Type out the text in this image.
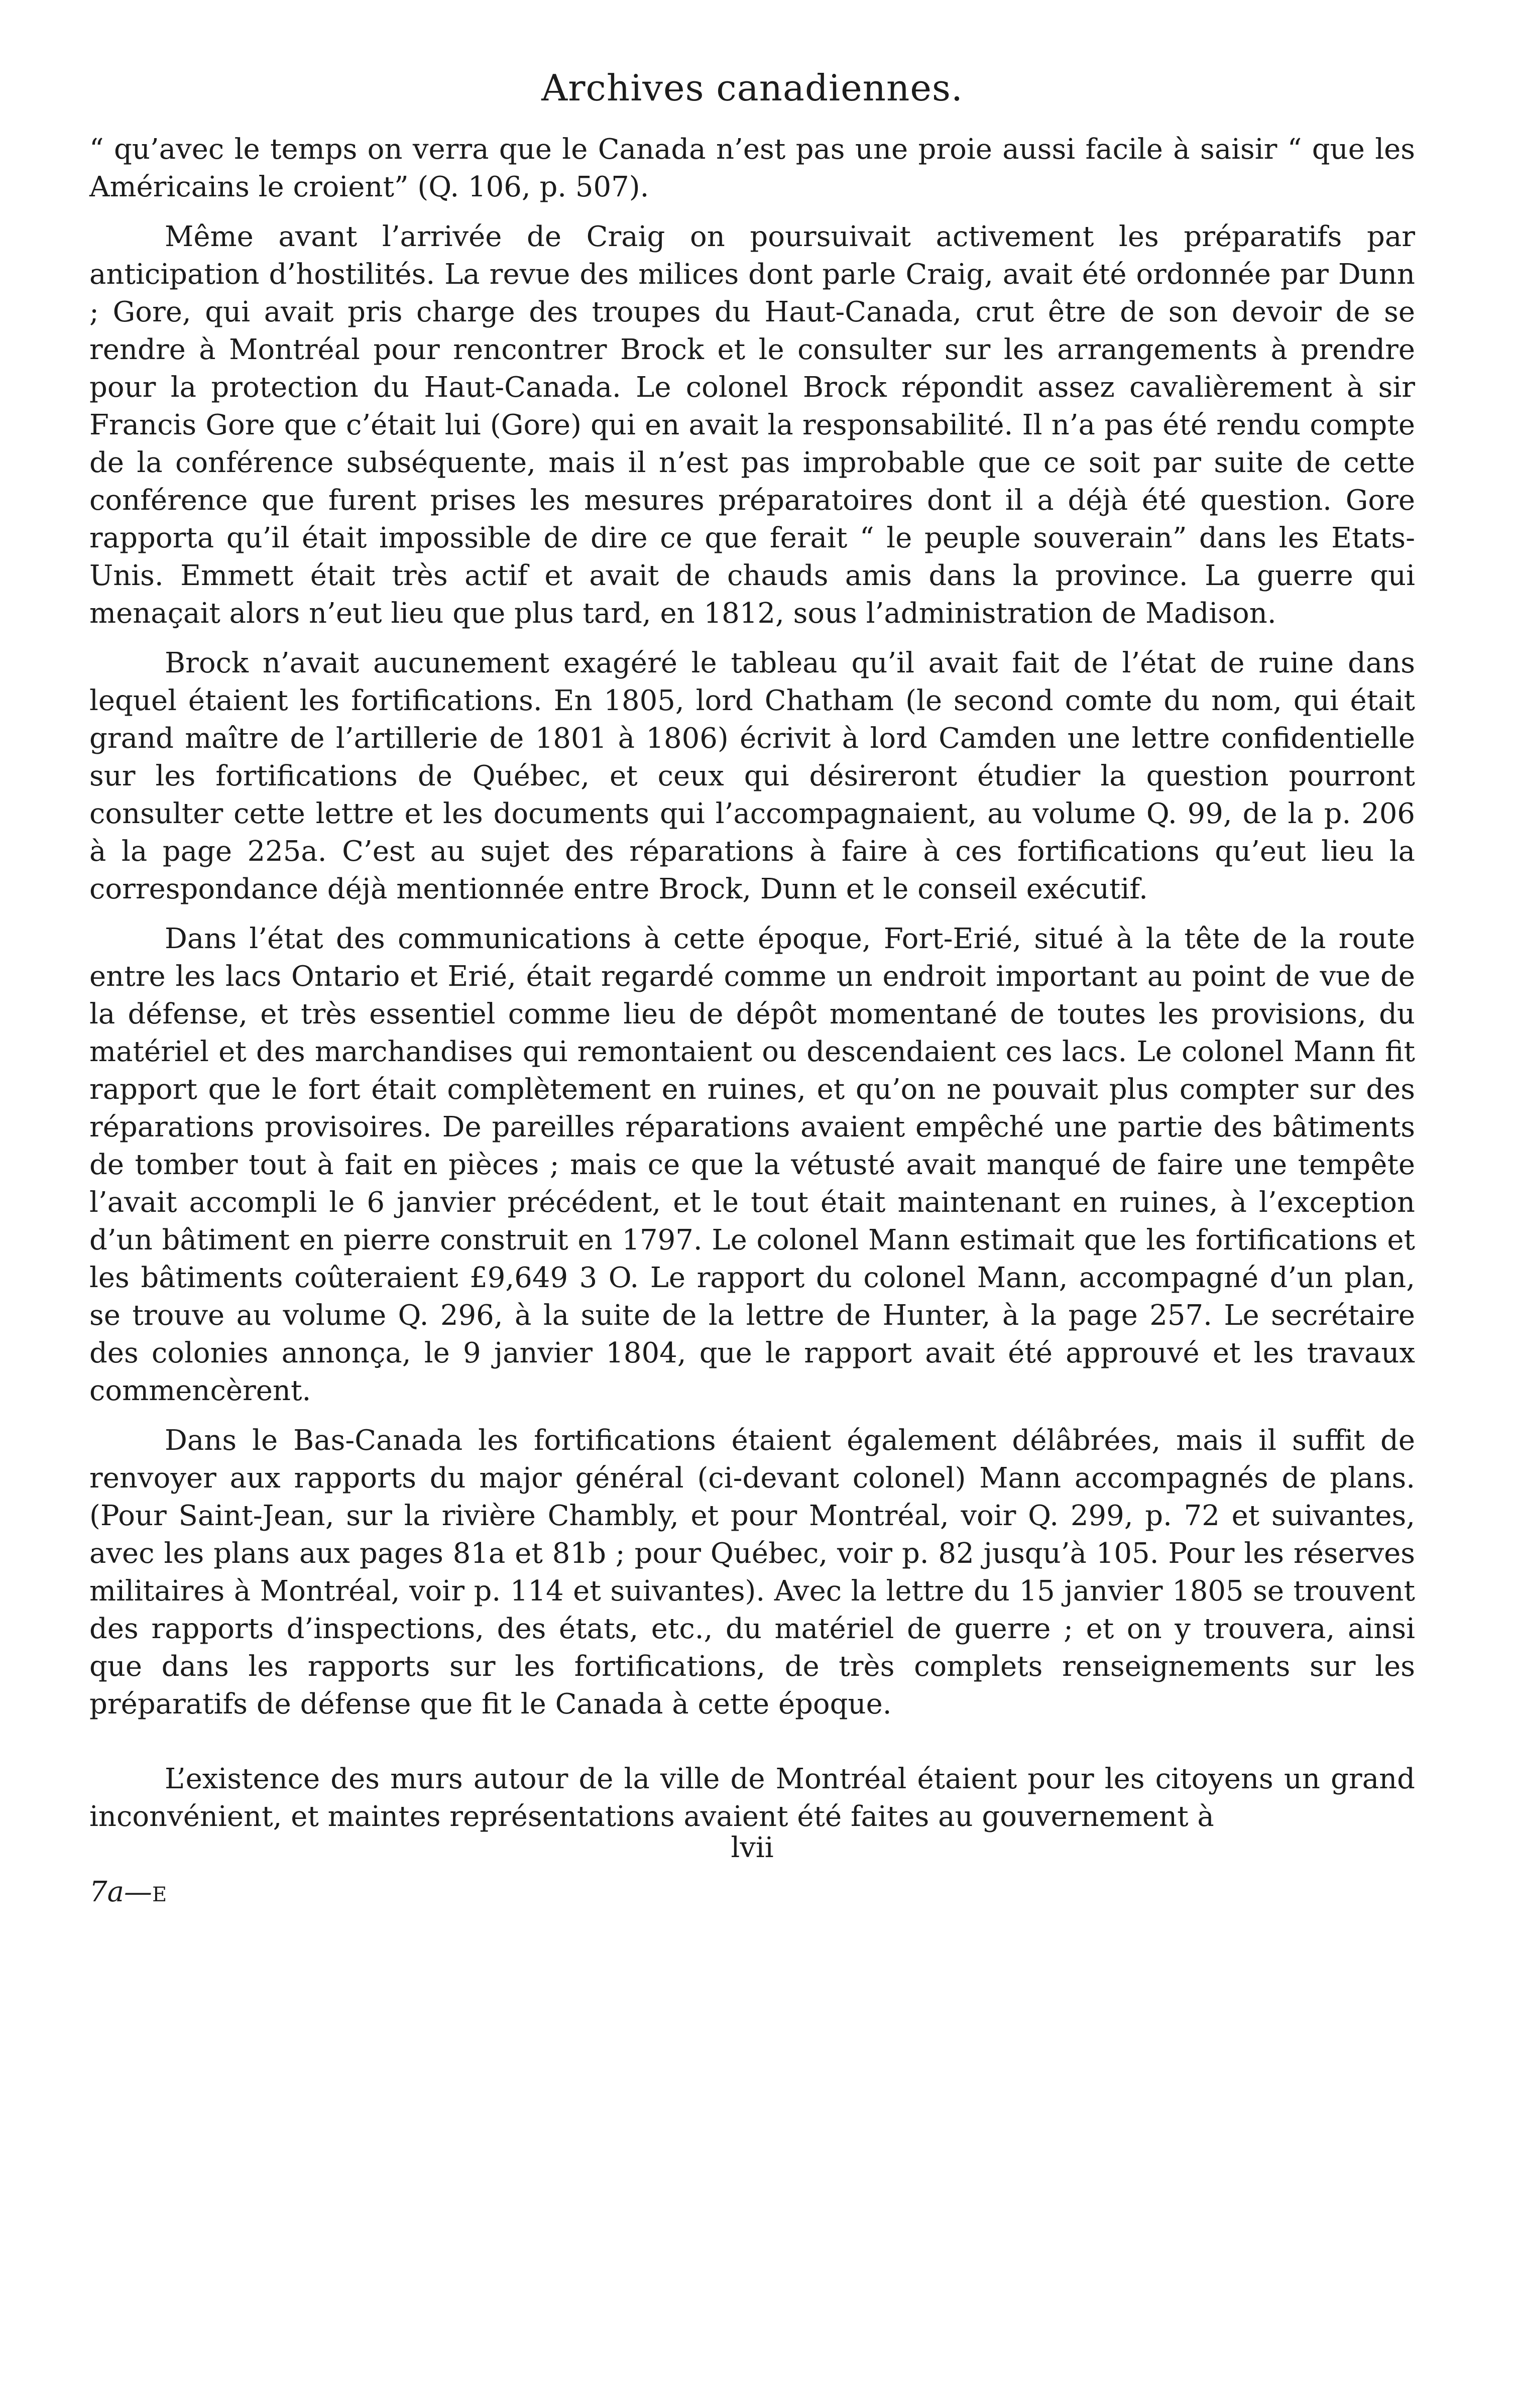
Archives canadiennes.

“ qu’avec le temps on verra que le Canada n’est pas une proie aussi facile à saisir “ que les Américains le croient” (Q. 106, p. 507).

Même avant l’arrivée de Craig on poursuivait activement les préparatifs par anticipation d’hostilités. La revue des milices dont parle Craig, avait été ordonnée par Dunn ; Gore, qui avait pris charge des troupes du Haut-Canada, crut être de son devoir de se rendre à Montréal pour rencontrer Brock et le consulter sur les arrangements à prendre pour la protection du Haut-Canada. Le colonel Brock répondit assez cavalièrement à sir Francis Gore que c’était lui (Gore) qui en avait la responsabilité. Il n’a pas été rendu compte de la conférence subséquente, mais il n’est pas improbable que ce soit par suite de cette conférence que furent prises les mesures préparatoires dont il a déjà été question. Gore rapporta qu’il était impossible de dire ce que ferait “ le peuple souverain” dans les Etats-Unis. Emmett était très actif et avait de chauds amis dans la province. La guerre qui menaçait alors n’eut lieu que plus tard, en 1812, sous l’administration de Madison.

Brock n’avait aucunement exagéré le tableau qu’il avait fait de l’état de ruine dans lequel étaient les fortifications. En 1805, lord Chatham (le second comte du nom, qui était grand maître de l’artillerie de 1801 à 1806) écrivit à lord Camden une lettre confidentielle sur les fortifications de Québec, et ceux qui désireront étudier la question pourront consulter cette lettre et les documents qui l’accompagnaient, au volume Q. 99, de la p. 206 à la page 225a. C’est au sujet des réparations à faire à ces fortifications qu’eut lieu la correspondance déjà mentionnée entre Brock, Dunn et le conseil exécutif.

Dans l’état des communications à cette époque, Fort-Erié, situé à la tête de la route entre les lacs Ontario et Erié, était regardé comme un endroit important au point de vue de la défense, et très essentiel comme lieu de dépôt momentané de toutes les provisions, du matériel et des marchandises qui remontaient ou descendaient ces lacs. Le colonel Mann fit rapport que le fort était complètement en ruines, et qu’on ne pouvait plus compter sur des réparations provisoires. De pareilles réparations avaient empêché une partie des bâtiments de tomber tout à fait en pièces ; mais ce que la vétusté avait manqué de faire une tempête l’avait accompli le 6 janvier précédent, et le tout était maintenant en ruines, à l’exception d’un bâtiment en pierre construit en 1797. Le colonel Mann estimait que les fortifications et les bâtiments coûteraient £9,649 3 O. Le rapport du colonel Mann, accompagné d’un plan, se trouve au volume Q. 296, à la suite de la lettre de Hunter, à la page 257. Le secrétaire des colonies annonça, le 9 janvier 1804, que le rapport avait été approuvé et les travaux commencèrent.

Dans le Bas-Canada les fortifications étaient également délâbrées, mais il suffit de renvoyer aux rapports du major général (ci-devant colonel) Mann accompagnés de plans. (Pour Saint-Jean, sur la rivière Chambly, et pour Montréal, voir Q. 299, p. 72 et suivantes, avec les plans aux pages 81a et 81b ; pour Québec, voir p. 82 jusqu’à 105. Pour les réserves militaires à Montréal, voir p. 114 et suivantes). Avec la lettre du 15 janvier 1805 se trouvent des rapports d’inspections, des états, etc., du matériel de guerre ; et on y trouvera, ainsi que dans les rapports sur les fortifications, de très complets renseignements sur les préparatifs de défense que fit le Canada à cette époque.

L’existence des murs autour de la ville de Montréal étaient pour les citoyens un grand inconvénient, et maintes représentations avaient été faites au gouvernement à

lvii
7a—E
